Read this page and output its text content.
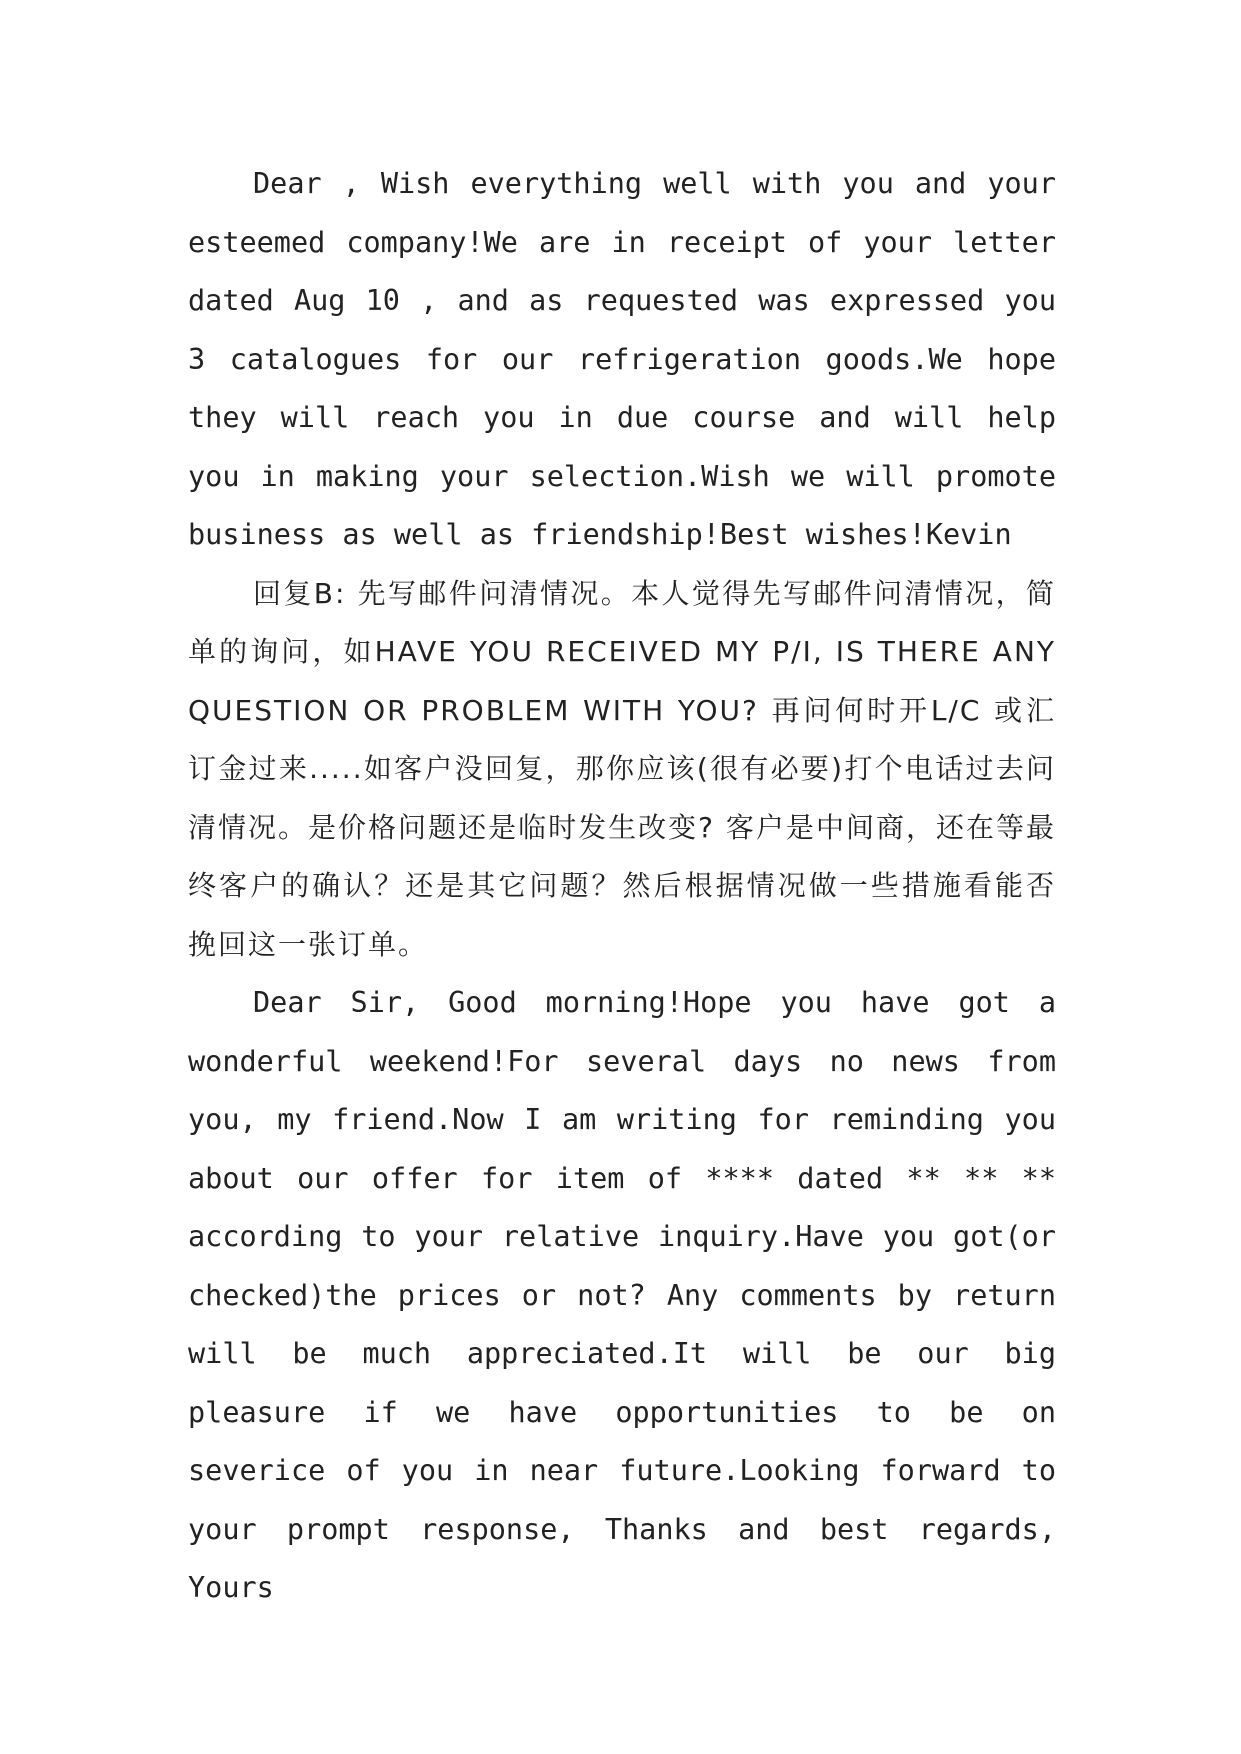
Dear , Wish everything well with you and your esteemed company!We are in receipt of your letter dated Aug 10 , and as requested was expressed you 3 catalogues for our refrigeration goods.We hope they will reach you in due course and will help you in making your selection.Wish we will promote business as well as friendship!Best wishes!Kevin

回复B: 先写邮件问清情况。本人觉得先写邮件问清情况，简单的询问，如HAVE YOU RECEIVED MY P/I, IS THERE ANY QUESTION OR PROBLEM WITH YOU? 再问何时开L/C 或汇订金过来.....如客户没回复，那你应该(很有必要)打个电话过去问清情况。是价格问题还是临时发生改变? 客户是中间商，还在等最终客户的确认？还是其它问题？然后根据情况做一些措施看能否挽回这一张订单。

Dear Sir, Good morning!Hope you have got a wonderful weekend!For several days no news from you, my friend.Now I am writing for reminding you about our offer for item of **** dated ** ** ** according to your relative inquiry.Have you got(or checked)the prices or not? Any comments by return will be much appreciated.It will be our big pleasure if we have opportunities to be on severice of you in near future.Looking forward to your prompt response, Thanks and best regards, Yours
